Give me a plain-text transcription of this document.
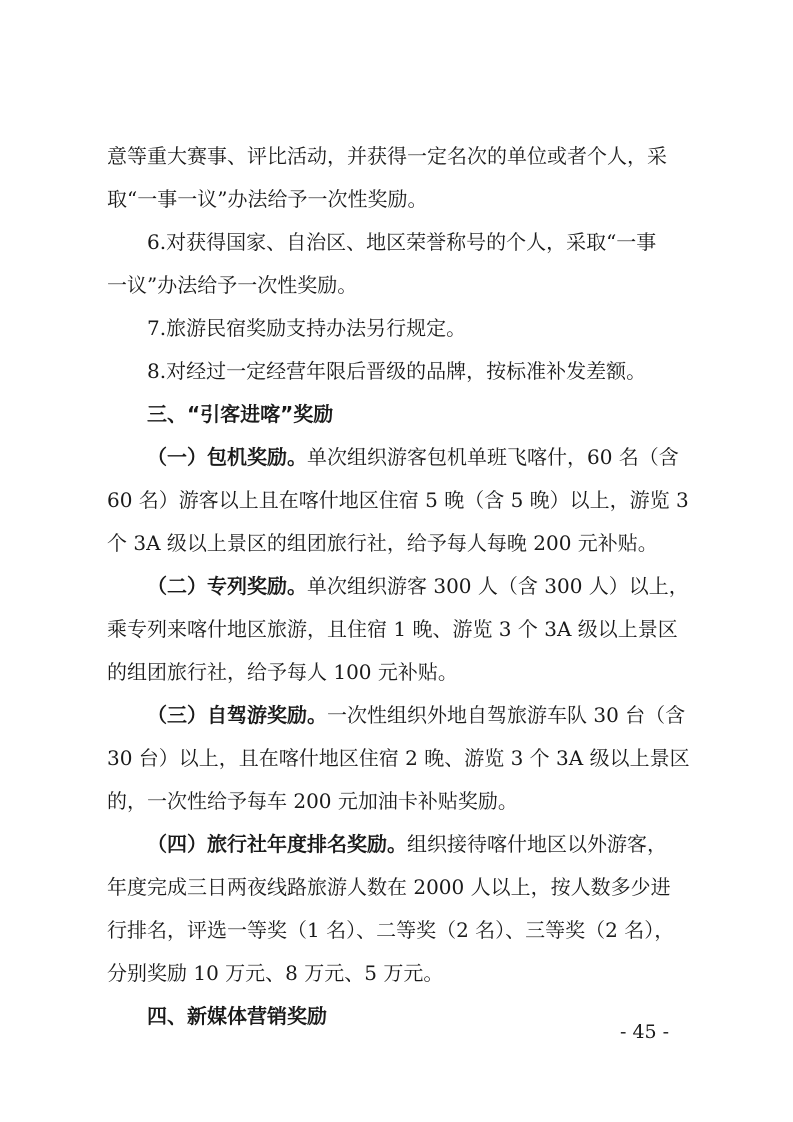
意等重大赛事、评比活动，并获得一定名次的单位或者个人，采
取“一事一议”办法给予一次性奖励。
6.对获得国家、自治区、地区荣誉称号的个人，采取“一事
一议”办法给予一次性奖励。
7.旅游民宿奖励支持办法另行规定。
8.对经过一定经营年限后晋级的品牌，按标准补发差额。
三、“引客进喀”奖励
（一）包机奖励。单次组织游客包机单班飞喀什，60 名（含
60 名）游客以上且在喀什地区住宿 5 晚（含 5 晚）以上，游览 3
个 3A 级以上景区的组团旅行社，给予每人每晚 200 元补贴。
（二）专列奖励。单次组织游客 300 人（含 300 人）以上，
乘专列来喀什地区旅游，且住宿 1 晚、游览 3 个 3A 级以上景区
的组团旅行社，给予每人 100 元补贴。
（三）自驾游奖励。一次性组织外地自驾旅游车队 30 台（含
30 台）以上，且在喀什地区住宿 2 晚、游览 3 个 3A 级以上景区
的，一次性给予每车 200 元加油卡补贴奖励。
（四）旅行社年度排名奖励。组织接待喀什地区以外游客，
年度完成三日两夜线路旅游人数在 2000 人以上，按人数多少进
行排名，评选一等奖（1 名）、二等奖（2 名）、三等奖（2 名），
分别奖励 10 万元、8 万元、5 万元。
四、新媒体营销奖励
- 45 -
